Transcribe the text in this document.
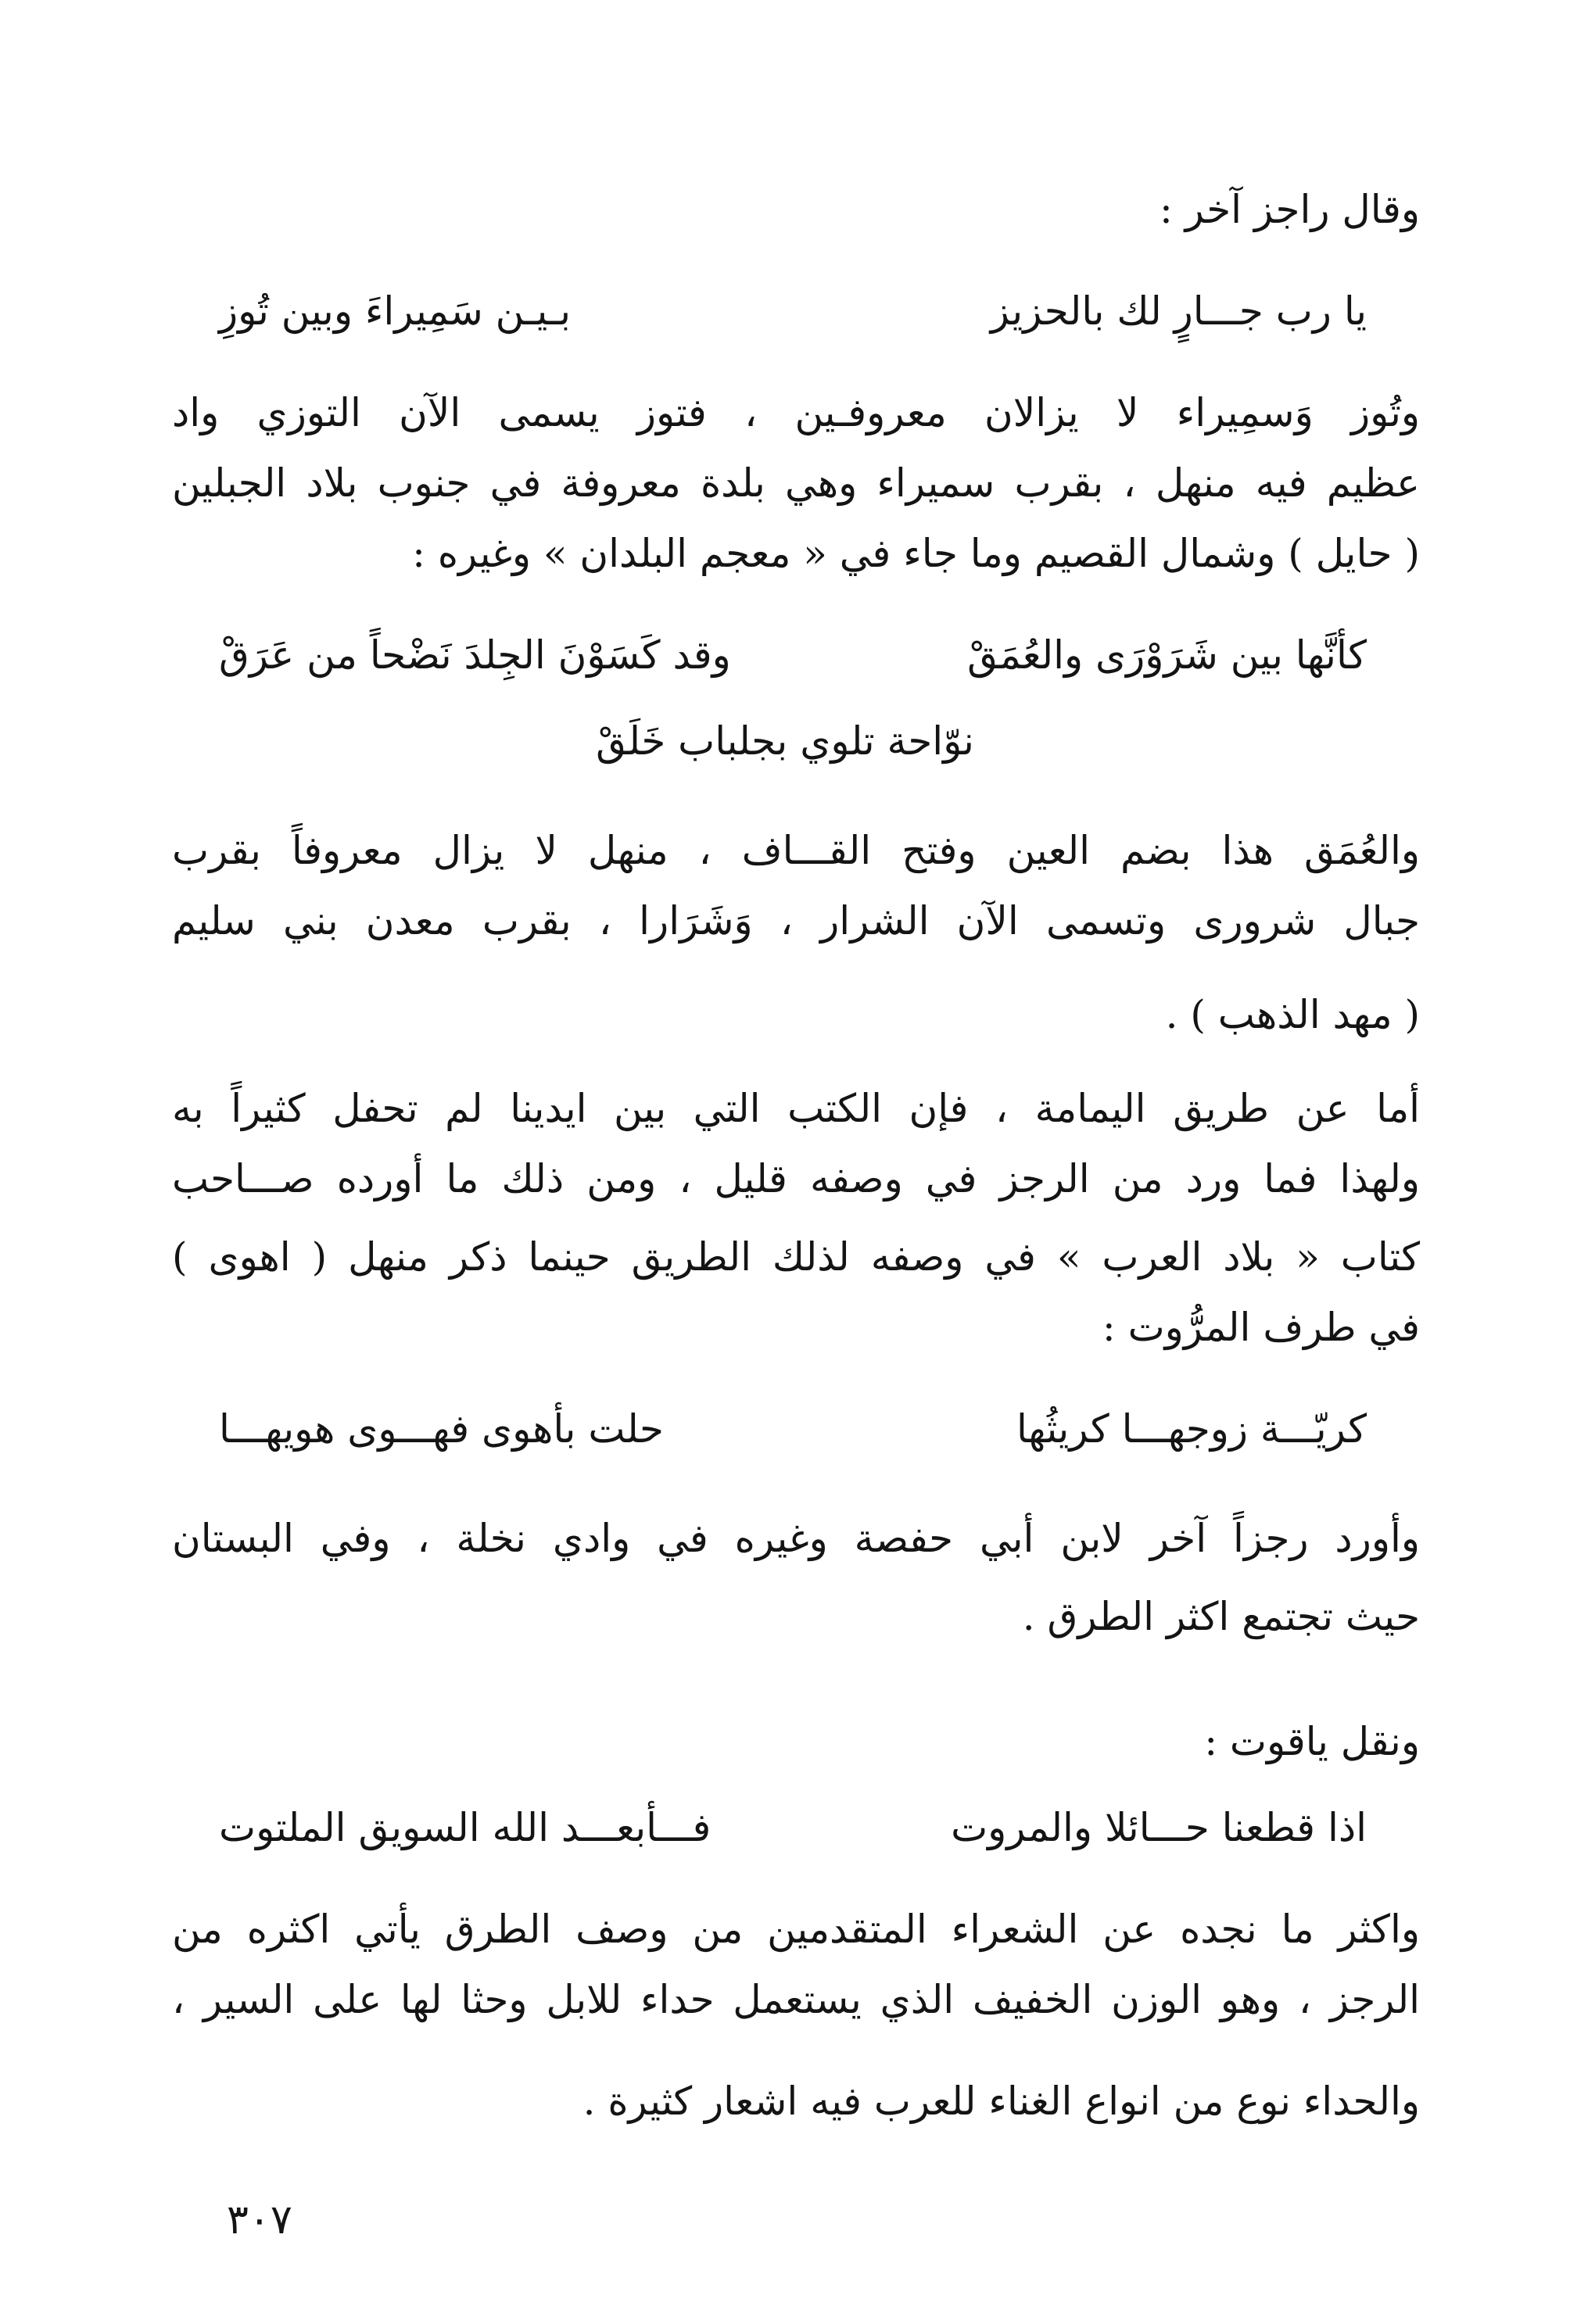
وقال راجز آخر :
يا رب جـــارٍ لك بالحزيز
بـيـن سَمِيراءَ وبين تُوزِ
وتُوز وَسمِيراء لا يزالان معروفـين ، فتوز يسمى الآن التوزي واد
عظيم فيه منهل ، بقرب سميراء وهي بلدة معروفة في جنوب بلاد الجبلين
( حايل ) وشمال القصيم وما جاء في « معجم البلدان » وغيره :
كأنَّها بين شَرَوْرَى والعُمَقْ
وقد كَسَوْنَ الجِلدَ نَضْحاً من عَرَقْ
نوّاحة تلوي بجلباب خَلَقْ
والعُمَق هذا بضم العين وفتح القـــاف ، منهل لا يزال معروفاً بقرب
جبال شرورى وتسمى الآن الشرار ، وَشَرَارا ، بقرب معدن بني سليم
( مهد الذهب ) .
أما عن طريق اليمامة ، فإن الكتب التي بين ايدينا لم تحفل كثيراً به
ولهذا فما ورد من الرجز في وصفه قليل ، ومن ذلك ما أورده صـــاحب
كتاب « بلاد العرب » في وصفه لذلك الطريق حينما ذكر منهل ( اهوى )
في طرف المرُّوت :
كريّـــة زوجهـــا كريثُها
حلت بأهوى فهـــوى هويهـــا
وأورد رجزاً آخر لابن أبي حفصة وغيره في وادي نخلة ، وفي البستان
حيث تجتمع اكثر الطرق .
ونقل ياقوت :
اذا قطعنا حـــائلا والمروت
فـــأبعـــد الله السويق الملتوت
واكثر ما نجده عن الشعراء المتقدمين من وصف الطرق يأتي اكثره من
الرجز ، وهو الوزن الخفيف الذي يستعمل حداء للابل وحثا لها على السير ،
والحداء نوع من انواع الغناء للعرب فيه اشعار كثيرة .
٣٠٧
